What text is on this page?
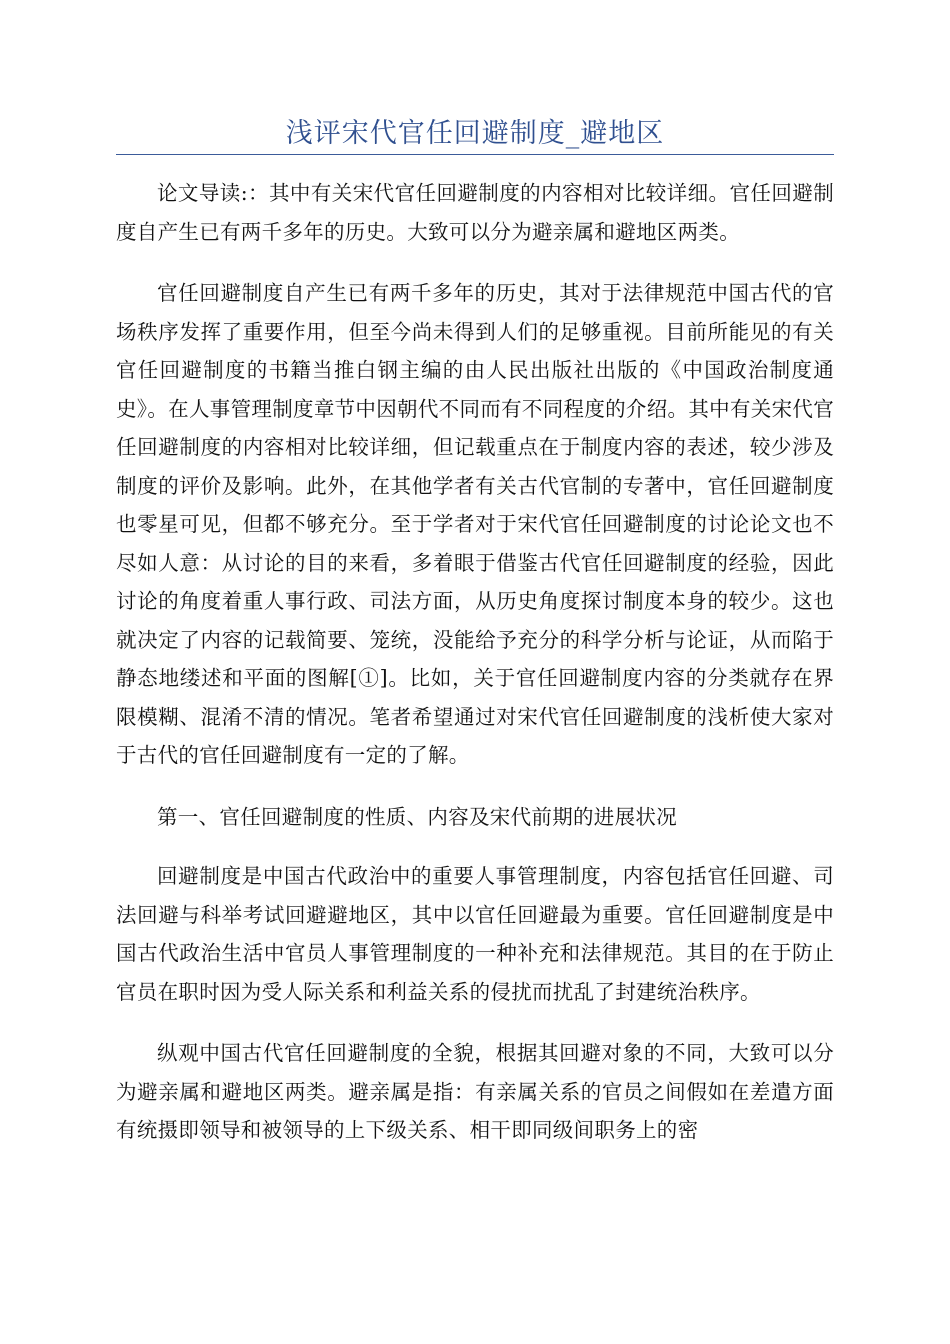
浅评宋代官任回避制度_避地区

论文导读:：其中有关宋代官任回避制度的内容相对比较详细。官任回避制度自产生已有两千多年的历史。大致可以分为避亲属和避地区两类。

官任回避制度自产生已有两千多年的历史，其对于法律规范中国古代的官场秩序发挥了重要作用，但至今尚未得到人们的足够重视。目前所能见的有关官任回避制度的书籍当推白钢主编的由人民出版社出版的《中国政治制度通史》。在人事管理制度章节中因朝代不同而有不同程度的介绍。其中有关宋代官任回避制度的内容相对比较详细，但记载重点在于制度内容的表述，较少涉及制度的评价及影响。此外，在其他学者有关古代官制的专著中，官任回避制度也零星可见，但都不够充分。至于学者对于宋代官任回避制度的讨论论文也不尽如人意：从讨论的目的来看，多着眼于借鉴古代官任回避制度的经验，因此讨论的角度着重人事行政、司法方面，从历史角度探讨制度本身的较少。这也就决定了内容的记载简要、笼统，没能给予充分的科学分析与论证，从而陷于静态地缕述和平面的图解[①]。比如，关于官任回避制度内容的分类就存在界限模糊、混淆不清的情况。笔者希望通过对宋代官任回避制度的浅析使大家对于古代的官任回避制度有一定的了解。

第一、官任回避制度的性质、内容及宋代前期的进展状况

回避制度是中国古代政治中的重要人事管理制度，内容包括官任回避、司法回避与科举考试回避避地区，其中以官任回避最为重要。官任回避制度是中国古代政治生活中官员人事管理制度的一种补充和法律规范。其目的在于防止官员在职时因为受人际关系和利益关系的侵扰而扰乱了封建统治秩序。

纵观中国古代官任回避制度的全貌，根据其回避对象的不同，大致可以分为避亲属和避地区两类。避亲属是指：有亲属关系的官员之间假如在差遣方面有统摄即领导和被领导的上下级关系、相干即同级间职务上的密
